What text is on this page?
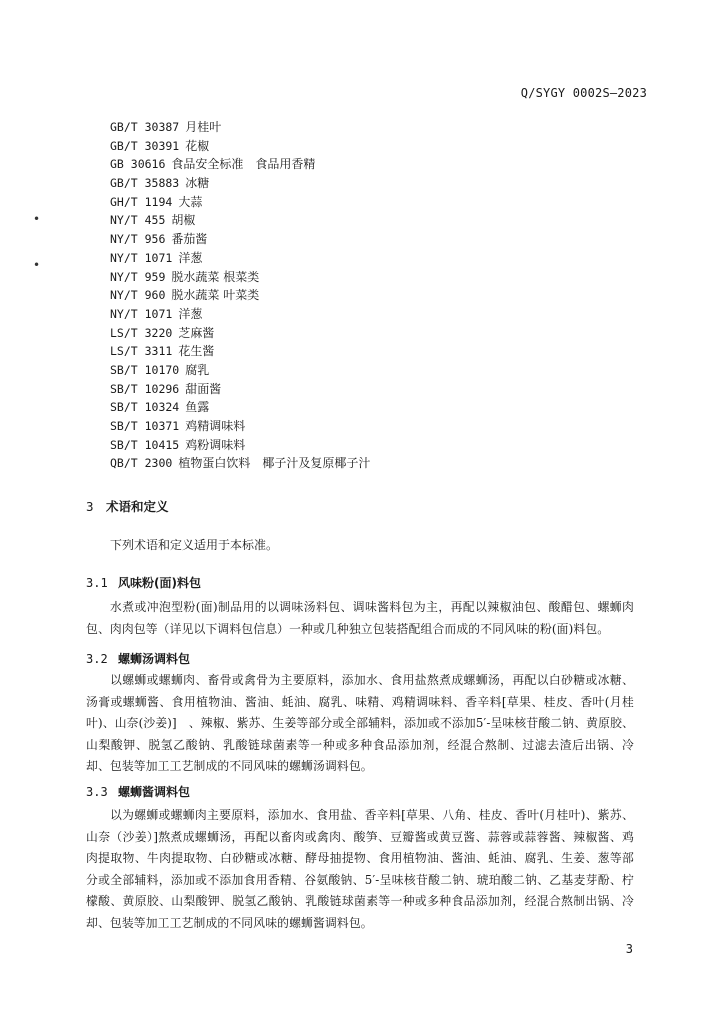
Q/SYGY 0002S—2023
GB/T 30387 月桂叶
GB/T 30391 花椒
GB 30616 食品安全标准　食品用香精
GB/T 35883 冰糖
GH/T 1194 大蒜
NY/T 455 胡椒
NY/T 956 番茄酱
NY/T 1071 洋葱
NY/T 959 脱水蔬菜 根菜类
NY/T 960 脱水蔬菜 叶菜类
NY/T 1071 洋葱
LS/T 3220 芝麻酱
LS/T 3311 花生酱
SB/T 10170 腐乳
SB/T 10296 甜面酱
SB/T 10324 鱼露
SB/T 10371 鸡精调味料
SB/T 10415 鸡粉调味料
QB/T 2300 植物蛋白饮料　椰子汁及复原椰子汁
•
•
3 术语和定义
下列术语和定义适用于本标准。
3.1 风味粉(面)料包
水煮或冲泡型粉(面)制品用的以调味汤料包、调味酱料包为主，再配以辣椒油包、酸醋包、螺蛳肉包、肉肉包等（详见以下调料包信息）一种或几种独立包装搭配组合而成的不同风味的粉(面)料包。
3.2 螺蛳汤调料包
以螺蛳或螺蛳肉、畜骨或禽骨为主要原料，添加水、食用盐熬煮成螺蛳汤，再配以白砂糖或冰糖、汤膏或螺蛳酱、食用植物油、酱油、蚝油、腐乳、味精、鸡精调味料、香辛料[草果、桂皮、香叶(月桂叶)、山奈(沙姜)]　、辣椒、紫苏、生姜等部分或全部辅料，添加或不添加5′-呈味核苷酸二钠、黄原胶、山梨酸钾、脱氢乙酸钠、乳酸链球菌素等一种或多种食品添加剂，经混合熬制、过滤去渣后出锅、冷却、包装等加工工艺制成的不同风味的螺蛳汤调料包。
3.3 螺蛳酱调料包
以为螺蛳或螺蛳肉主要原料，添加水、食用盐、香辛料[草果、八角、桂皮、香叶(月桂叶)、紫苏、山奈（沙姜）]熬煮成螺蛳汤，再配以畜肉或禽肉、酸笋、豆瓣酱或黄豆酱、蒜蓉或蒜蓉酱、辣椒酱、鸡肉提取物、牛肉提取物、白砂糖或冰糖、酵母抽提物、食用植物油、酱油、蚝油、腐乳、生姜、葱等部分或全部辅料，添加或不添加食用香精、谷氨酸钠、5′-呈味核苷酸二钠、琥珀酸二钠、乙基麦芽酚、柠檬酸、黄原胶、山梨酸钾、脱氢乙酸钠、乳酸链球菌素等一种或多种食品添加剂，经混合熬制出锅、冷却、包装等加工工艺制成的不同风味的螺蛳酱调料包。
3
